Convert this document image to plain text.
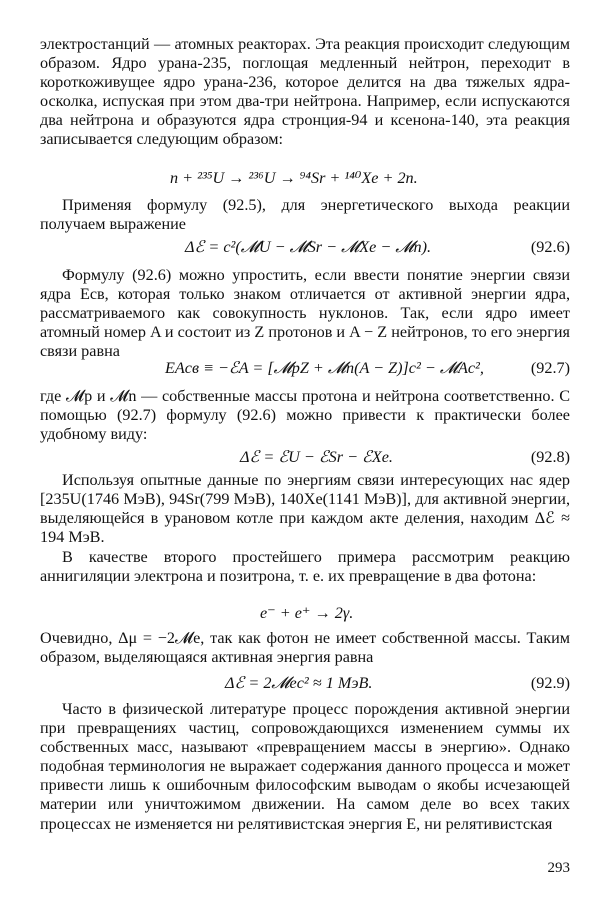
электростанций — атомных реакторах. Эта реакция происходит следующим образом. Ядро урана-235, поглощая медленный нейтрон, переходит в короткоживущее ядро урана-236, которое делится на два тяжелых ядра-осколка, испуская при этом два-три нейтрона. Например, если испускаются два нейтрона и образуются ядра стронция-94 и ксенона-140, эта реакция записывается следующим образом:

n + ²³⁵U → ²³⁶U → ⁹⁴Sr + ¹⁴⁰Xe + 2n.

Применяя формулу (92.5), для энергетического выхода реакции получаем выражение

Δℰ = c²(𝓜U − 𝓜Sr − 𝓜Xe − 𝓜n).	(92.6)

Формулу (92.6) можно упростить, если ввести понятие энергии связи ядра Eсв, которая только знаком отличается от активной энергии ядра, рассматриваемого как совокупность нуклонов. Так, если ядро имеет атомный номер A и состоит из Z протонов и A − Z нейтронов, то его энергия связи равна

EAсв ≡ −ℰA = [𝓜pZ + 𝓜n(A − Z)]c² − 𝓜Ac²,	(92.7)

где 𝓜p и 𝓜n — собственные массы протона и нейтрона соответственно. С помощью (92.7) формулу (92.6) можно привести к практически более удобному виду:

Δℰ = ℰU − ℰSr − ℰXe.	(92.8)

Используя опытные данные по энергиям связи интересующих нас ядер [235U(1746 МэВ), 94Sr(799 МэВ), 140Xe(1141 МэВ)], для активной энергии, выделяющейся в урановом котле при каждом акте деления, находим Δℰ ≈ 194 МэВ.

В качестве второго простейшего примера рассмотрим реакцию аннигиляции электрона и позитрона, т. е. их превращение в два фотона:

e⁻ + e⁺ → 2γ.

Очевидно, Δμ = −2𝓜e, так как фотон не имеет собственной массы. Таким образом, выделяющаяся активная энергия равна

Δℰ = 2𝓜ec² ≈ 1 МэВ.	(92.9)

Часто в физической литературе процесс порождения активной энергии при превращениях частиц, сопровождающихся изменением суммы их собственных масс, называют «превращением массы в энергию». Однако подобная терминология не выражает содержания данного процесса и может привести лишь к ошибочным философским выводам о якобы исчезающей материи или уничтожимом движении. На самом деле во всех таких процессах не изменяется ни релятивистская энергия E, ни релятивистская

293
